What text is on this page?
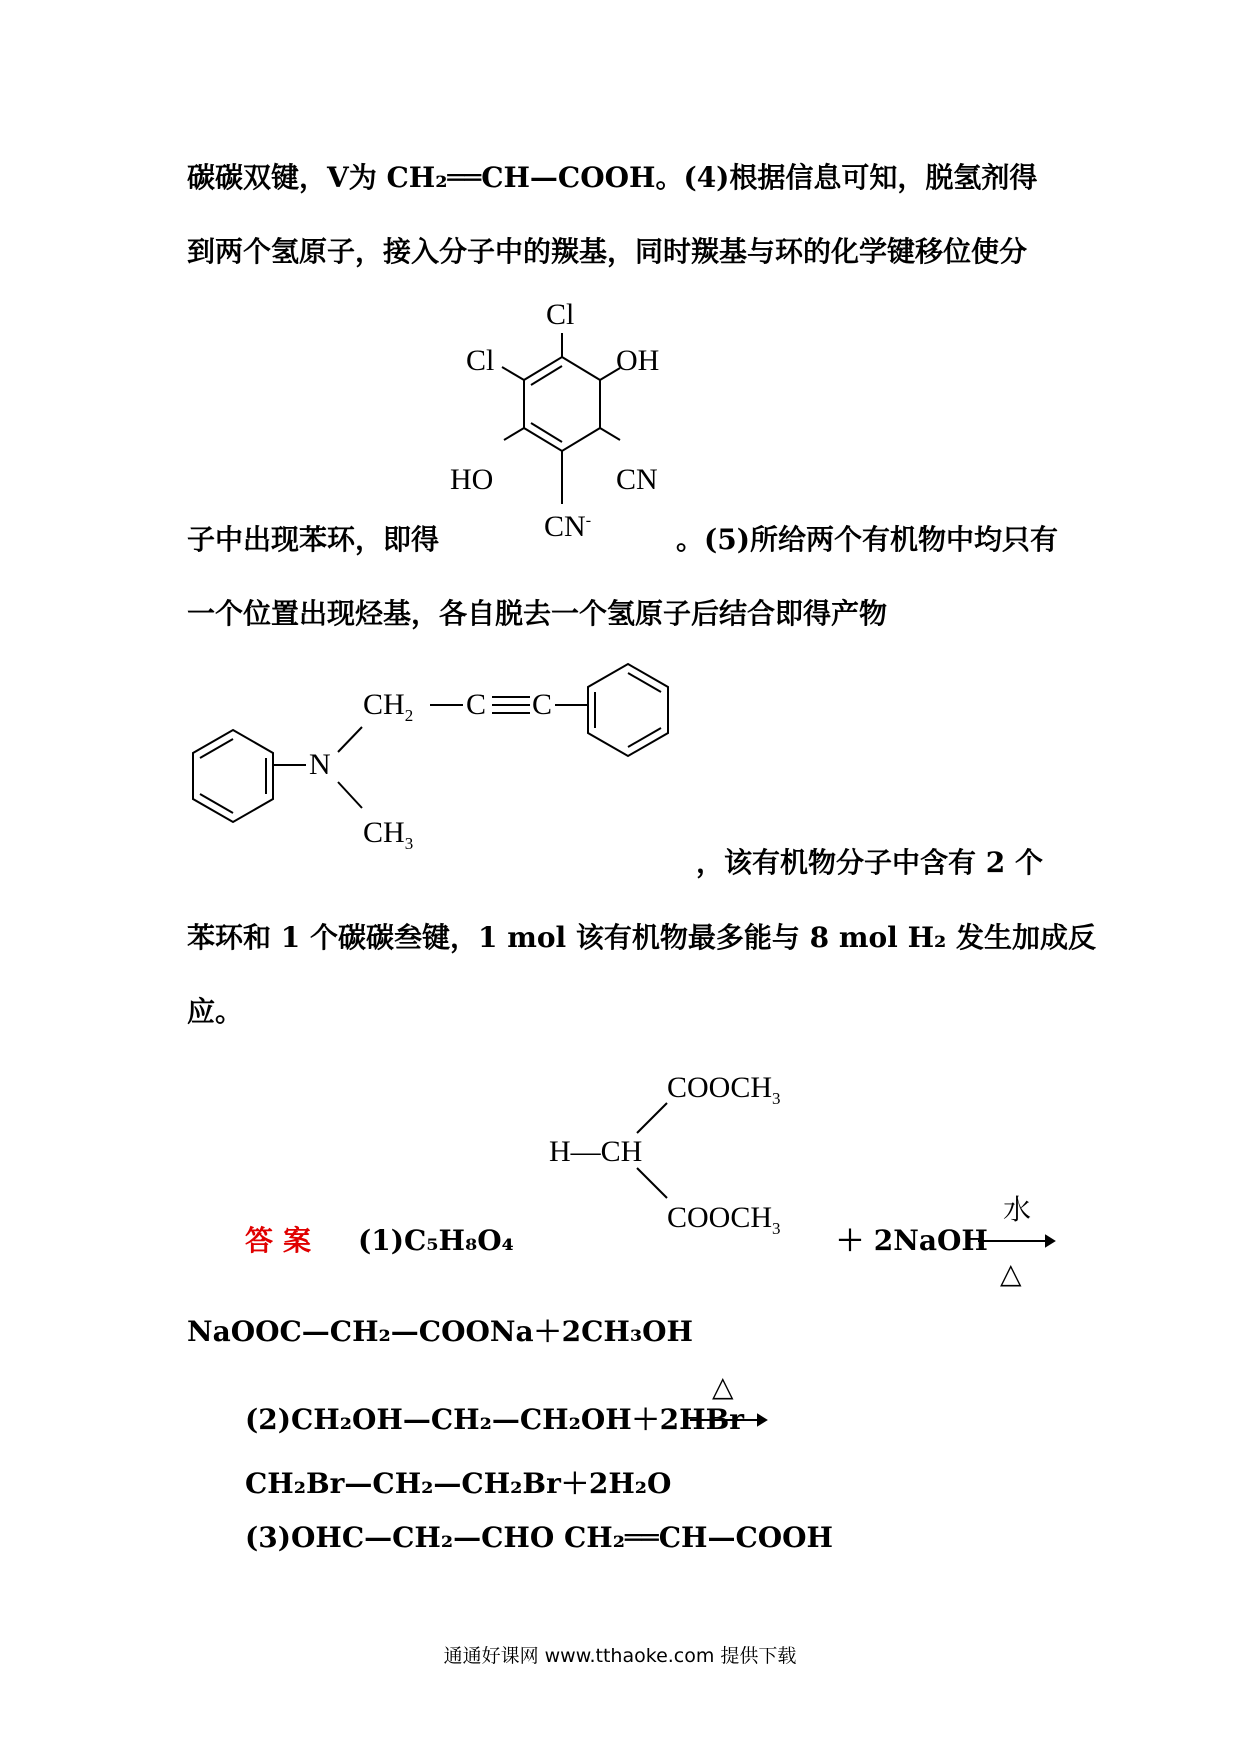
碳碳双键，V为 CH₂══CH—COOH。(4)根据信息可知，脱氢剂得
到两个氢原子，接入分子中的羰基，同时羰基与环的化学键移位使分
Cl
Cl	OH
HO	CN
CN-
子中出现苯环，即得	。(5)所给两个有机物中均只有
一个位置出现烃基，各自脱去一个氢原子后结合即得产物
$CH_2$ C C
N
$CH_3$
，该有机物分子中含有 2 个
苯环和 1 个碳碳叁键，1 mol 该有机物最多能与 8 mol H₂ 发生加成反
应。
答案 (1)C₅H₈O₄
$COOCH_3$
H—CH
$COOCH_3$ ＋ 2NaOH
水
△
NaOOC—CH₂—COONa＋2CH₃OH
(2)CH₂OH—CH₂—CH₂OH＋2HBr
△
CH₂Br—CH₂—CH₂Br＋2H₂O
(3)OHC—CH₂—CHO CH₂══CH—COOH
通通好课网 www.tthaoke.com 提供下载
